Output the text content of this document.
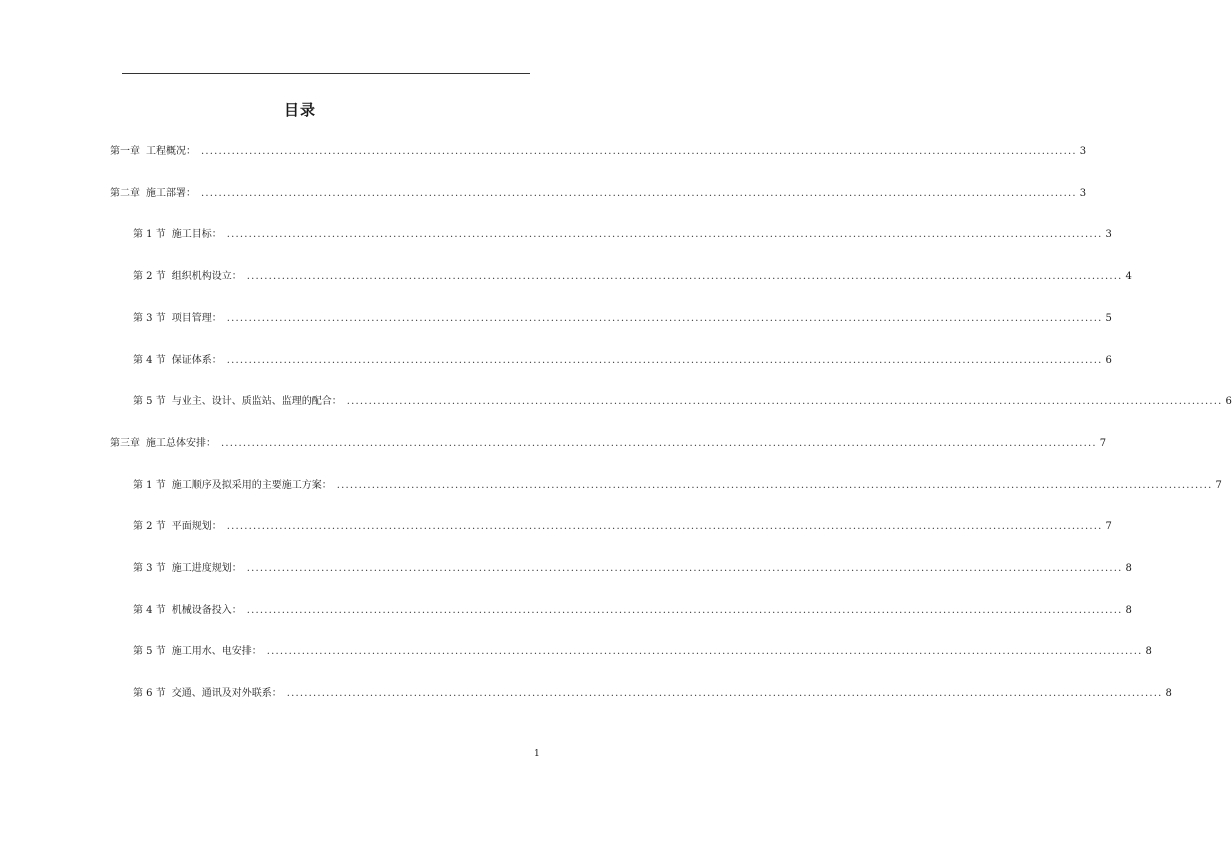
目录
第一章 工程概况： ........................................................................................................................................................................................................ 3
第二章 施工部署： ........................................................................................................................................................................................................ 3
第 1 节 施工目标： ........................................................................................................................................................................................................ 3
第 2 节 组织机构设立： ........................................................................................................................................................................................................ 4
第 3 节 项目管理： ........................................................................................................................................................................................................ 5
第 4 节 保证体系： ........................................................................................................................................................................................................ 6
第 5 节 与业主、设计、质监站、监理的配合： ........................................................................................................................................................................................................ 6
第三章 施工总体安排： ........................................................................................................................................................................................................ 7
第 1 节 施工顺序及拟采用的主要施工方案： ........................................................................................................................................................................................................ 7
第 2 节 平面规划： ........................................................................................................................................................................................................ 7
第 3 节 施工进度规划： ........................................................................................................................................................................................................ 8
第 4 节 机械设备投入： ........................................................................................................................................................................................................ 8
第 5 节 施工用水、电安排： ........................................................................................................................................................................................................ 8
第 6 节 交通、通讯及对外联系： ........................................................................................................................................................................................................ 8
1
